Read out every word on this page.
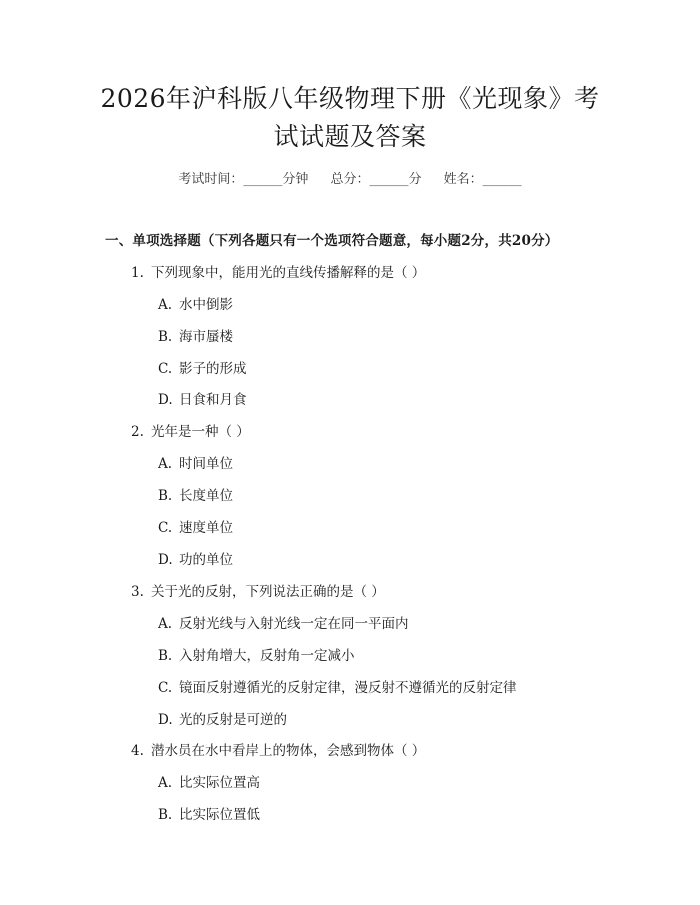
2026年沪科版八年级物理下册《光现象》考试试题及答案
考试时间：______分钟 总分：______分 姓名：______
一、单项选择题（下列各题只有一个选项符合题意，每小题2分，共20分）
1. 下列现象中，能用光的直线传播解释的是（ ）
A. 水中倒影
B. 海市蜃楼
C. 影子的形成
D. 日食和月食
2. 光年是一种（ ）
A. 时间单位
B. 长度单位
C. 速度单位
D. 功的单位
3. 关于光的反射，下列说法正确的是（ ）
A. 反射光线与入射光线一定在同一平面内
B. 入射角增大，反射角一定减小
C. 镜面反射遵循光的反射定律，漫反射不遵循光的反射定律
D. 光的反射是可逆的
4. 潜水员在水中看岸上的物体，会感到物体（ ）
A. 比实际位置高
B. 比实际位置低
